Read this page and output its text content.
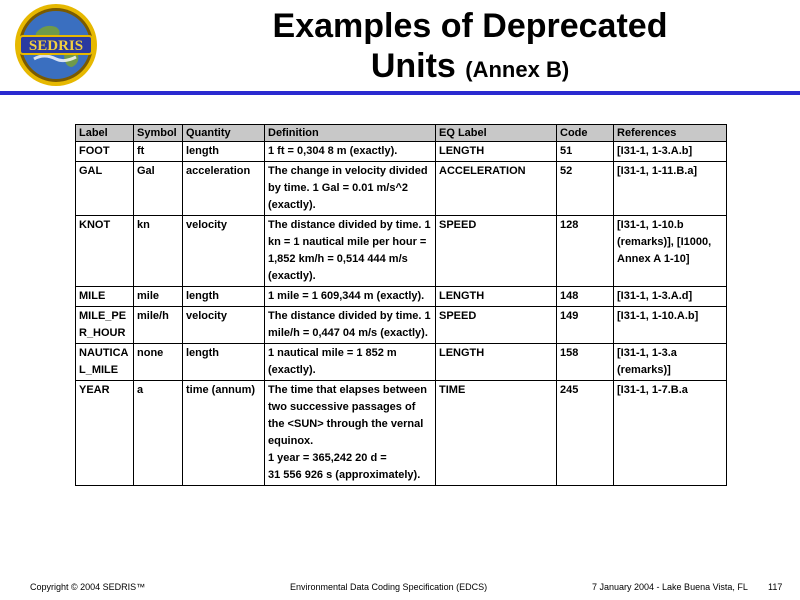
SEDRIS
Examples of Deprecated
Units (Annex B)
Label	Symbol	Quantity	Definition	EQ Label	Code	References
FOOT	ft	length	1 ft = 0,304 8 m (exactly).	LENGTH	51	[I31-1, 1-3.A.b]
GAL	Gal	acceleration	The change in velocity divided by time. 1 Gal = 0.01 m/s^2 (exactly).	ACCELERATION	52	[I31-1, 1-11.B.a]
KNOT	kn	velocity	The distance divided by time. 1 kn = 1 nautical mile per hour = 1,852 km/h = 0,514 444 m/s (exactly).	SPEED	128	[I31-1, 1-10.b (remarks)], [I1000, Annex A 1-10]
MILE	mile	length	1 mile = 1 609,344 m (exactly).	LENGTH	148	[I31-1, 1-3.A.d]
MILE_PER_HOUR	mile/h	velocity	The distance divided by time. 1 mile/h = 0,447 04 m/s (exactly).	SPEED	149	[I31-1, 1-10.A.b]
NAUTICAL_MILE	none	length	1 nautical mile = 1 852 m (exactly).	LENGTH	158	[I31-1, 1-3.a (remarks)]
YEAR	a	time (annum)	The time that elapses between two successive passages of the <SUN> through the vernal equinox.
1 year = 365,242 20 d =
31 556 926 s (approximately).	TIME	245	[I31-1, 1-7.B.a
Copyright © 2004 SEDRIS™	Environmental Data Coding Specification (EDCS)	7 January 2004 - Lake Buena Vista, FL 117
